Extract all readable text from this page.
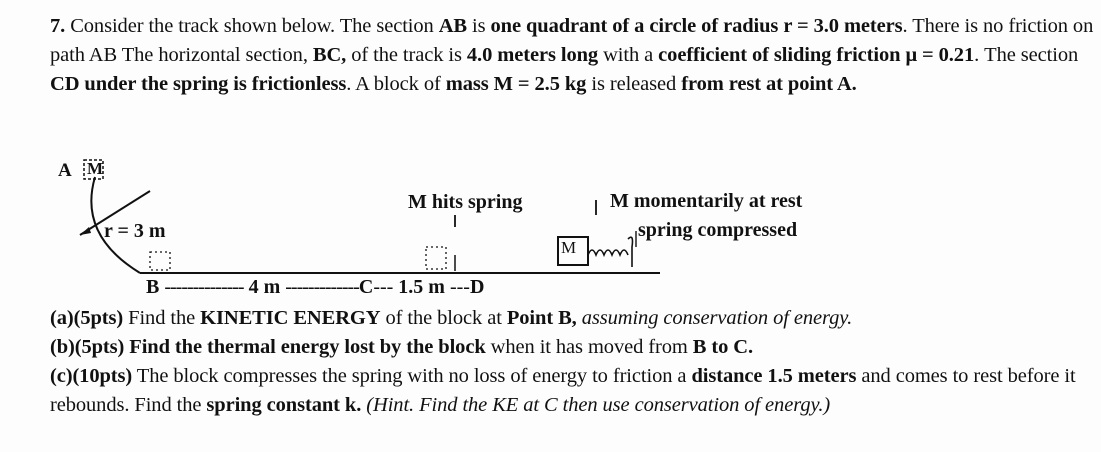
7. Consider the track shown below. The section AB is one quadrant of a circle of radius r = 3.0 meters. There is no friction on path AB The horizontal section, BC, of the track is 4.0 meters long with a coefficient of sliding friction μ = 0.21. The section CD under the spring is frictionless. A block of mass M = 2.5 kg is released from rest at point A.
A M
r = 3 m
M hits spring	M momentarily at rest
spring compressed
M
B -------------- 4 m -------------C--- 1.5 m ---D
(a)(5pts) Find the KINETIC ENERGY of the block at Point B, assuming conservation of energy.
(b)(5pts) Find the thermal energy lost by the block when it has moved from B to C.
(c)(10pts) The block compresses the spring with no loss of energy to friction a distance 1.5 meters and comes to rest before it rebounds. Find the spring constant k. (Hint. Find the KE at C then use conservation of energy.)
